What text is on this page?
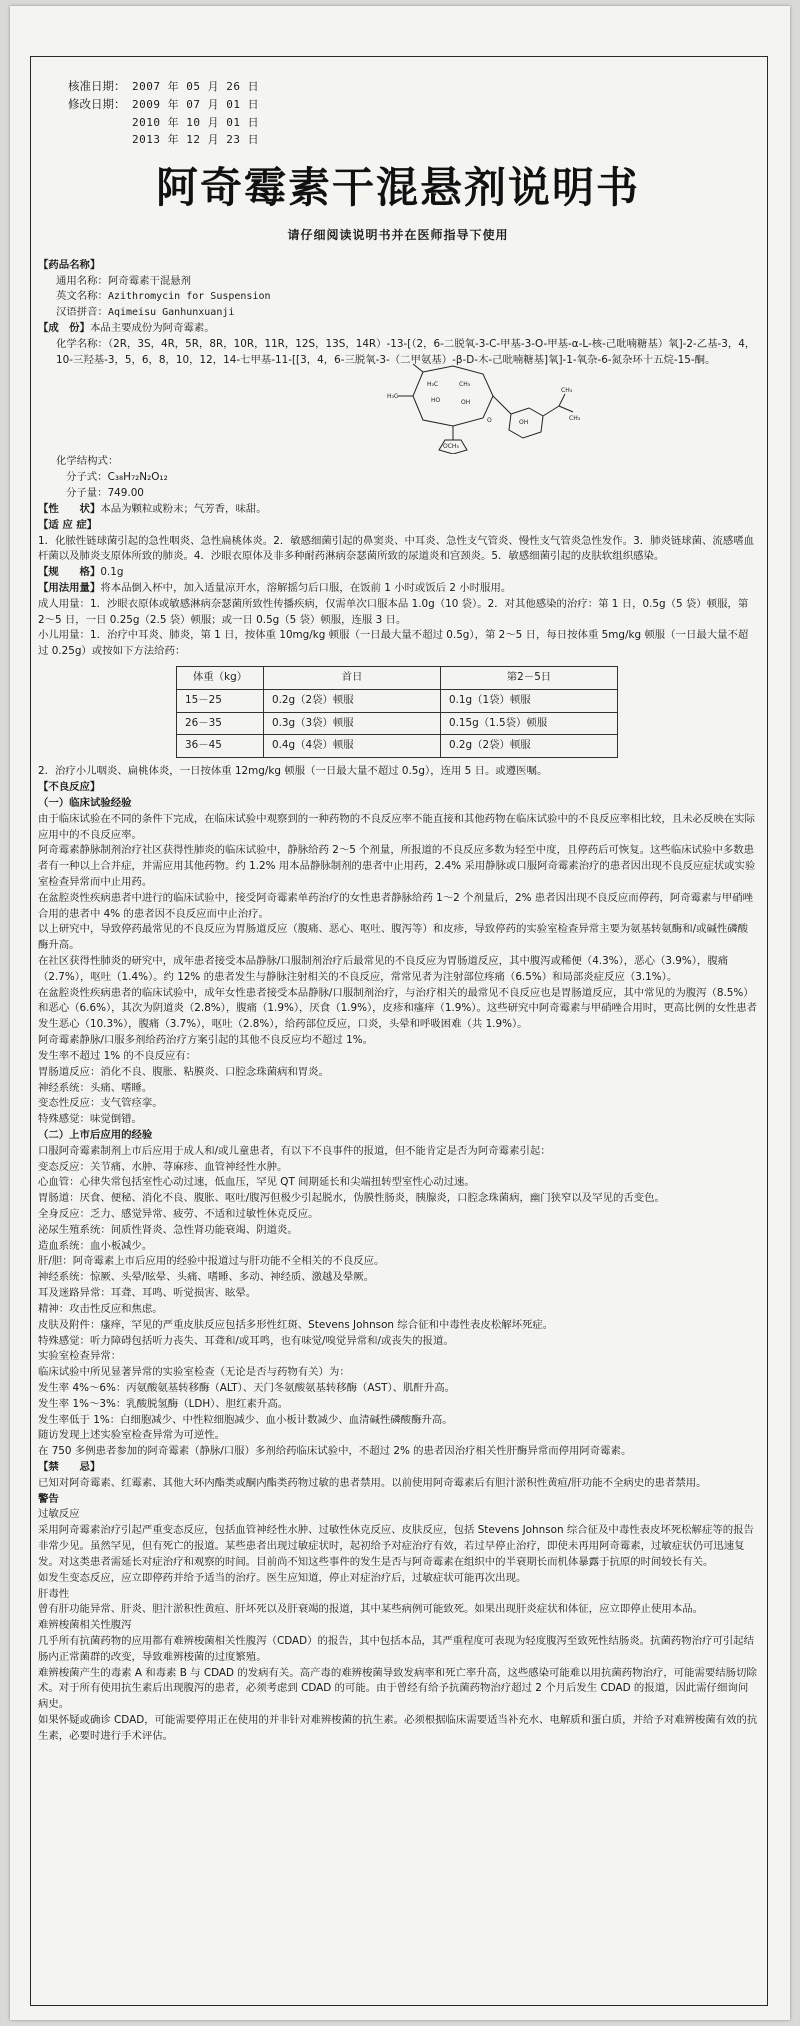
核准日期： 2007 年 05 月 26 日
修改日期： 2009 年 07 月 01 日
2010 年 10 月 01 日
2013 年 12 月 23 日
阿奇霉素干混悬剂说明书
请仔细阅读说明书并在医师指导下使用
【药品名称】
通用名称： 阿奇霉素干混悬剂
英文名称： Azithromycin for Suspension
汉语拼音： Aqimeisu Ganhunxuanji

【成　份】本品主要成份为阿奇霉素。

化学名称：（2R，3S，4R，5R，8R，10R，11R，12S，13S，14R）-13-[（2，6-二脱氧-3-C-甲基-3-O-甲基-α-L-核-己吡喃糖基）氧]-2-乙基-3，4，10-三羟基-3，5，6，8，10，12，14-七甲基-11-[[3，4，6-三脱氧-3-（二甲氨基）-β-D-木-己吡喃糖基]氧]-1-氧杂-6-氮杂环十五烷-15-酮。

H₃C	CH₃
HO	OH
H₃C
O	OH
CH₃
CH₃
OCH₃

化学结构式：

分子式： C₃₈H₇₂N₂O₁₂
分子量： 749.00

【性　　状】本品为颗粒或粉末；气芳香，味甜。

【适 应 症】

1．化脓性链球菌引起的急性咽炎、急性扁桃体炎。2．敏感细菌引起的鼻窦炎、中耳炎、急性支气管炎、慢性支气管炎急性发作。3．肺炎链球菌、流感嗜血杆菌以及肺炎支原体所致的肺炎。4．沙眼衣原体及非多种耐药淋病奈瑟菌所致的尿道炎和宫颈炎。5．敏感细菌引起的皮肤软组织感染。

【规　　格】0.1g

【用法用量】将本品倒入杯中，加入适量凉开水，溶解摇匀后口服，在饭前 1 小时或饭后 2 小时服用。

成人用量：1．沙眼衣原体或敏感淋病奈瑟菌所致性传播疾病，仅需单次口服本品 1.0g（10 袋）。2．对其他感染的治疗：第 1 日，0.5g（5 袋）顿服，第 2～5 日，一日 0.25g（2.5 袋）顿服；或一日 0.5g（5 袋）顿服，连服 3 日。

小儿用量：1．治疗中耳炎、肺炎，第 1 日，按体重 10mg/kg 顿服（一日最大量不超过 0.5g），第 2～5 日，每日按体重 5mg/kg 顿服（一日最大量不超过 0.25g）或按如下方法给药：

体重（kg）	首日	第2－5日
15－25	0.2g（2袋）顿服	0.1g（1袋）顿服
26－35	0.3g（3袋）顿服	0.15g（1.5袋）顿服
36－45	0.4g（4袋）顿服	0.2g（2袋）顿服

2．治疗小儿咽炎、扁桃体炎，一日按体重 12mg/kg 顿服（一日最大量不超过 0.5g），连用 5 日。或遵医嘱。

【不良反应】
（一）临床试验经验

由于临床试验在不同的条件下完成，在临床试验中观察到的一种药物的不良反应率不能直接和其他药物在临床试验中的不良反应率相比较，且未必反映在实际应用中的不良反应率。

阿奇霉素静脉制剂治疗社区获得性肺炎的临床试验中，静脉给药 2～5 个剂量，所报道的不良反应多数为轻至中度，且停药后可恢复。这些临床试验中多数患者有一种以上合并症，并需应用其他药物。约 1.2% 用本品静脉制剂的患者中止用药，2.4% 采用静脉或口服阿奇霉素治疗的患者因出现不良反应症状或实验室检查异常而中止用药。

在盆腔炎性疾病患者中进行的临床试验中，接受阿奇霉素单药治疗的女性患者静脉给药 1～2 个剂量后，2% 患者因出现不良反应而停药，阿奇霉素与甲硝唑合用的患者中 4% 的患者因不良反应而中止治疗。

以上研究中，导致停药最常见的不良反应为胃肠道反应（腹痛、恶心、呕吐、腹泻等）和皮疹，导致停药的实验室检查异常主要为氨基转氨酶和/或碱性磷酸酶升高。

在社区获得性肺炎的研究中，成年患者接受本品静脉/口服制剂治疗后最常见的不良反应为胃肠道反应，其中腹泻或稀便（4.3%），恶心（3.9%），腹痛（2.7%），呕吐（1.4%）。约 12% 的患者发生与静脉注射相关的不良反应，常常见者为注射部位疼痛（6.5%）和局部炎症反应（3.1%）。

在盆腔炎性疾病患者的临床试验中，成年女性患者接受本品静脉/口服制剂治疗，与治疗相关的最常见不良反应也是胃肠道反应，其中常见的为腹泻（8.5%）和恶心（6.6%），其次为阴道炎（2.8%），腹痛（1.9%），厌食（1.9%），皮疹和瘙痒（1.9%）。这些研究中阿奇霉素与甲硝唑合用时，更高比例的女性患者发生恶心（10.3%），腹痛（3.7%），呕吐（2.8%），给药部位反应，口炎，头晕和呼吸困难（共 1.9%）。

阿奇霉素静脉/口服多剂给药治疗方案引起的其他不良反应均不超过 1%。

发生率不超过 1% 的不良反应有：

胃肠道反应：消化不良、腹胀、粘膜炎、口腔念珠菌病和胃炎。

神经系统：头痛、嗜睡。

变态性反应：支气管痉挛。

特殊感觉：味觉倒错。

（二）上市后应用的经验

口服阿奇霉素制剂上市后应用于成人和/或儿童患者，有以下不良事件的报道，但不能肯定是否为阿奇霉素引起：

变态反应：关节痛、水肿、荨麻疹、血管神经性水肿。

心血管：心律失常包括室性心动过速，低血压，罕见 QT 间期延长和尖端扭转型室性心动过速。

胃肠道：厌食、便秘、消化不良、腹胀、呕吐/腹泻但极少引起脱水，伪膜性肠炎，胰腺炎，口腔念珠菌病，幽门狭窄以及罕见的舌变色。

全身反应：乏力、感觉异常、疲劳、不适和过敏性休克反应。

泌尿生殖系统：间质性肾炎、急性肾功能衰竭、阴道炎。

造血系统：血小板减少。

肝/胆：阿奇霉素上市后应用的经验中报道过与肝功能不全相关的不良反应。

神经系统：惊厥、头晕/眩晕、头痛、嗜睡、多动、神经质、激越及晕厥。

耳及迷路异常：耳聋、耳鸣、听觉损害、眩晕。

精神：攻击性反应和焦虑。

皮肤及附件：瘙痒，罕见的严重皮肤反应包括多形性红斑、Stevens Johnson 综合征和中毒性表皮松解坏死症。

特殊感觉：听力障碍包括听力丧失、耳聋和/或耳鸣，也有味觉/嗅觉异常和/或丧失的报道。

实验室检查异常：

临床试验中所见显著异常的实验室检查（无论是否与药物有关）为：

发生率 4%～6%：丙氨酸氨基转移酶（ALT）、天门冬氨酸氨基转移酶（AST）、肌酐升高。

发生率 1%～3%：乳酸脱氢酶（LDH）、胆红素升高。

发生率低于 1%：白细胞减少、中性粒细胞减少、血小板计数减少、血清碱性磷酸酶升高。

随访发现上述实验室检查异常为可逆性。

在 750 多例患者参加的阿奇霉素（静脉/口服）多剂给药临床试验中，不超过 2% 的患者因治疗相关性肝酶异常而停用阿奇霉素。

【禁　　忌】

已知对阿奇霉素、红霉素、其他大环内酯类或酮内酯类药物过敏的患者禁用。以前使用阿奇霉素后有胆汁淤积性黄疸/肝功能不全病史的患者禁用。

警告

过敏反应

采用阿奇霉素治疗引起严重变态反应，包括血管神经性水肿、过敏性休克反应、皮肤反应，包括 Stevens Johnson 综合征及中毒性表皮坏死松解症等的报告非常少见。虽然罕见，但有死亡的报道。某些患者出现过敏症状时，起初给予对症治疗有效，若过早停止治疗，即使未再用阿奇霉素，过敏症状仍可迅速复发。对这类患者需延长对症治疗和观察的时间。目前尚不知这些事件的发生是否与阿奇霉素在组织中的半衰期长而机体暴露于抗原的时间较长有关。
如发生变态反应，应立即停药并给予适当的治疗。医生应知道，停止对症治疗后，过敏症状可能再次出现。

肝毒性

曾有肝功能异常、肝炎、胆汁淤积性黄疸、肝坏死以及肝衰竭的报道，其中某些病例可能致死。如果出现肝炎症状和体征，应立即停止使用本品。

难辨梭菌相关性腹泻

几乎所有抗菌药物的应用都有难辨梭菌相关性腹泻（CDAD）的报告，其中包括本品，其严重程度可表现为轻度腹泻至致死性结肠炎。抗菌药物治疗可引起结肠内正常菌群的改变，导致难辨梭菌的过度繁殖。
难辨梭菌产生的毒素 A 和毒素 B 与 CDAD 的发病有关。高产毒的难辨梭菌导致发病率和死亡率升高，这些感染可能难以用抗菌药物治疗，可能需要结肠切除术。对于所有使用抗生素后出现腹泻的患者，必须考虑到 CDAD 的可能。由于曾经有给予抗菌药物治疗超过 2 个月后发生 CDAD 的报道，因此需仔细询问病史。
如果怀疑或确诊 CDAD，可能需要停用正在使用的并非针对难辨梭菌的抗生素。必须根据临床需要适当补充水、电解质和蛋白质，并给予对难辨梭菌有效的抗生素，必要时进行手术评估。
